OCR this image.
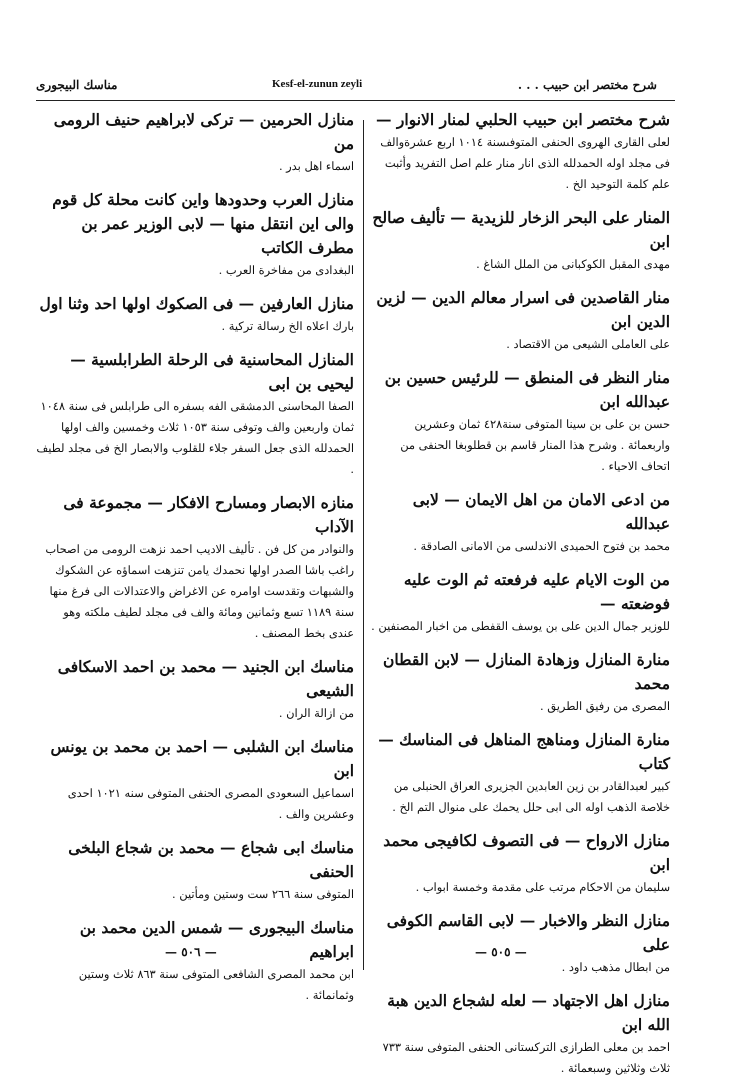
شرح مختصر ابن حبيب . . .
Kesf-el-zunun zeyli
مناسك البيجورى
شرح مختصر ابن حبيب الحلبي لمنار الانوار —
لعلى القارى الهروى الحنفى المتوفىسنة ١٠١٤ اربع عشرةوالف فى مجلد اوله الحمدلله الذى انار منار علم اصل التفريد وأثبت علم كلمة التوحيد الخ .
المنار على البحر الزخار للزيدية — تأليف صالح ابن
مهدى المقبل الكوكبانى من الملل الشاغ .
منار القاصدين فى اسرار معالم الدين — لزين الدين ابن
على العاملى الشيعى من الاقتصاد .
منار النظر فى المنطق — للرئيس حسين بن عبدالله ابن
حسن بن على بن سينا المتوفى سنة٤٢٨ ثمان وعشرين واربعمائة . وشرح هذا المنار قاسم بن قطلوبغا الحنفى من اتحاف الاحياء .
من ادعى الامان من اهل الايمان — لابى عبدالله
محمد بن فتوح الحميدى الاندلسى من الامانى الصادقة .
من الوت الايام عليه فرفعته ثم الوت عليه فوضعته —
للوزير جمال الدين على بن يوسف القفطى من اخبار المصنفين .
منارة المنازل وزهادة المنازل — لابن القطان محمد
المصرى من رفيق الطريق .
منارة المنازل ومناهج المناهل فى المناسك — كتاب
كبير لعبدالقادر بن زين العابدين الجزيرى العراق الحنبلى من خلاصة الذهب اوله الى ابى حلل يحمك على منوال التم الخ .
منازل الارواح — فى التصوف لكافيجى محمد ابن
سليمان من الاحكام مرتب على مقدمة وخمسة ابواب .
منازل النظر والاخبار — لابى القاسم الكوفى على
من ابطال مذهب داود .
منازل اهل الاجتهاد — لعله لشجاع الدين هبة الله ابن
احمد بن معلى الطرازى التركستانى الحنفى المتوفى سنة ٧٣٣ ثلاث وثلاثين وسبعمائة .
منازل الحرمين — تركى لابراهيم حنيف الرومى من
اسماء اهل بدر .
منازل العرب وحدودها واين كانت محلة كل قوم والى اين انتقل منها — لابى الوزير عمر بن مطرف الكاتب
البغدادى من مفاخرة العرب .
منازل العارفين — فى الصكوك اولها احد وثنا اول
بارك اعلاه الخ رسالة تركية .
المنازل المحاسنية فى الرحلة الطرابلسية — ليحيى بن ابى
الصفا المحاسنى الدمشقى الفه بسفره الى طرابلس فى سنة ١٠٤٨ ثمان واربعين والف وتوفى سنة ١٠٥٣ ثلاث وخمسين والف اولها الحمدلله الذى جعل السفر جلاء للقلوب والابصار الخ فى مجلد لطيف .
منازه الابصار ومسارح الافكار — مجموعة فى الآداب
والنوادر من كل فن . تأليف الاديب احمد نزهت الرومى من اصحاب راغب باشا الصدر اولها نحمدك يامن تنزهت اسماؤه عن الشكوك والشبهات وتقدست اوامره عن الاغراض والاعتدالات الى فرغ منها سنة ١١٨٩ تسع وثمانين ومائة والف فى مجلد لطيف ملكته وهو عندى بخط المصنف .
مناسك ابن الجنيد — محمد بن احمد الاسكافى الشيعى
من ازالة الران .
مناسك ابن الشلبى — احمد بن محمد بن يونس ابن
اسماعيل السعودى المصرى الحنفى المتوفى سنه ١٠٢١ احدى وعشرين والف .
مناسك ابى شجاع — محمد بن شجاع البلخى الحنفى
المتوفى سنة ٢٦٦ ست وستين ومأتين .
مناسك البيجورى — شمس الدين محمد بن ابراهيم
ابن محمد المصرى الشافعى المتوفى سنة ٨٦٣ ثلاث وستين وثمانمائة .
— ٥٠٦ —	— ٥٠٥ —
